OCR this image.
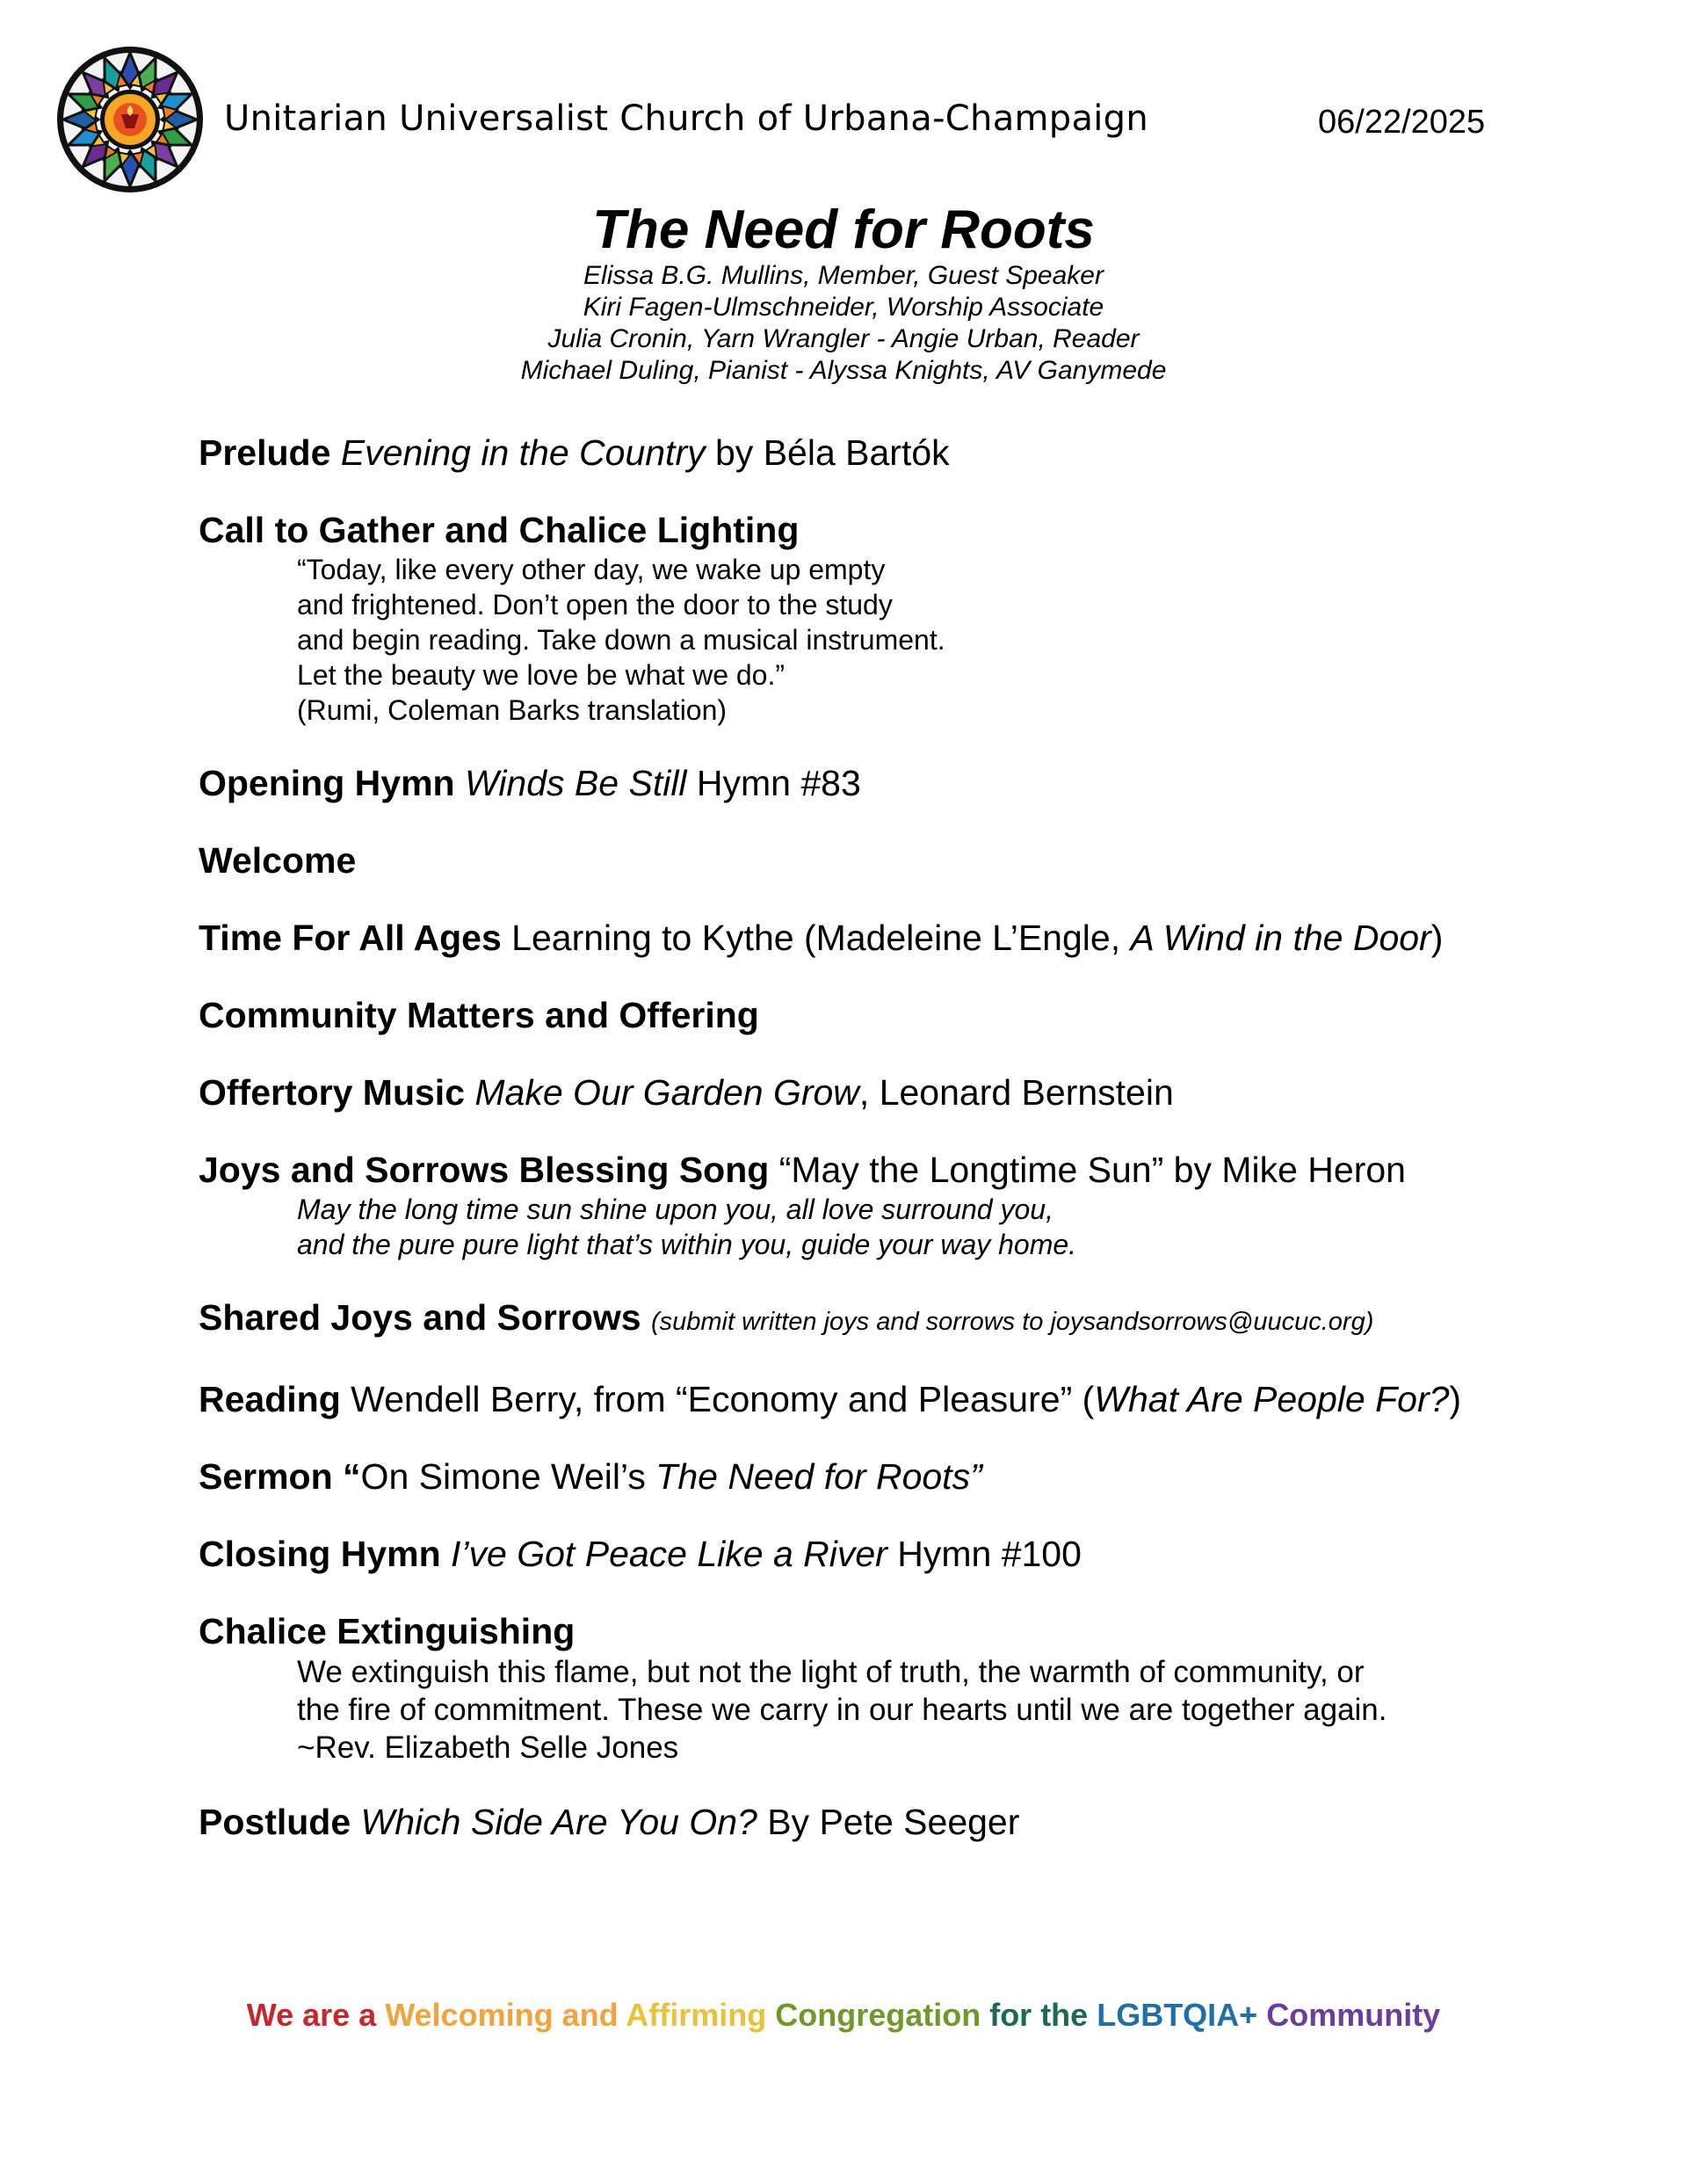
Unitarian Universalist Church of Urbana-Champaign	06/22/2025
The Need for Roots
Elissa B.G. Mullins, Member, Guest Speaker
Kiri Fagen-Ulmschneider, Worship Associate
Julia Cronin, Yarn Wrangler - Angie Urban, Reader
Michael Duling, Pianist - Alyssa Knights, AV Ganymede
Prelude Evening in the Country by Béla Bartók
Call to Gather and Chalice Lighting
“Today, like every other day, we wake up empty
and frightened. Don’t open the door to the study
and begin reading. Take down a musical instrument.
Let the beauty we love be what we do.”
(Rumi, Coleman Barks translation)
Opening Hymn Winds Be Still Hymn #83
Welcome
Time For All Ages Learning to Kythe (Madeleine L’Engle, A Wind in the Door)
Community Matters and Offering
Offertory Music Make Our Garden Grow, Leonard Bernstein
Joys and Sorrows Blessing Song “May the Longtime Sun” by Mike Heron
May the long time sun shine upon you, all love surround you,
and the pure pure light that’s within you, guide your way home.
Shared Joys and Sorrows (submit written joys and sorrows to joysandsorrows@uucuc.org)
Reading Wendell Berry, from “Economy and Pleasure” (What Are People For?)
Sermon “On Simone Weil’s The Need for Roots”
Closing Hymn I’ve Got Peace Like a River Hymn #100
Chalice Extinguishing
We extinguish this flame, but not the light of truth, the warmth of community, or
the fire of commitment. These we carry in our hearts until we are together again.
~Rev. Elizabeth Selle Jones
Postlude Which Side Are You On? By Pete Seeger
We are a Welcoming and Affirming Congregation for the LGBTQIA+ Community
